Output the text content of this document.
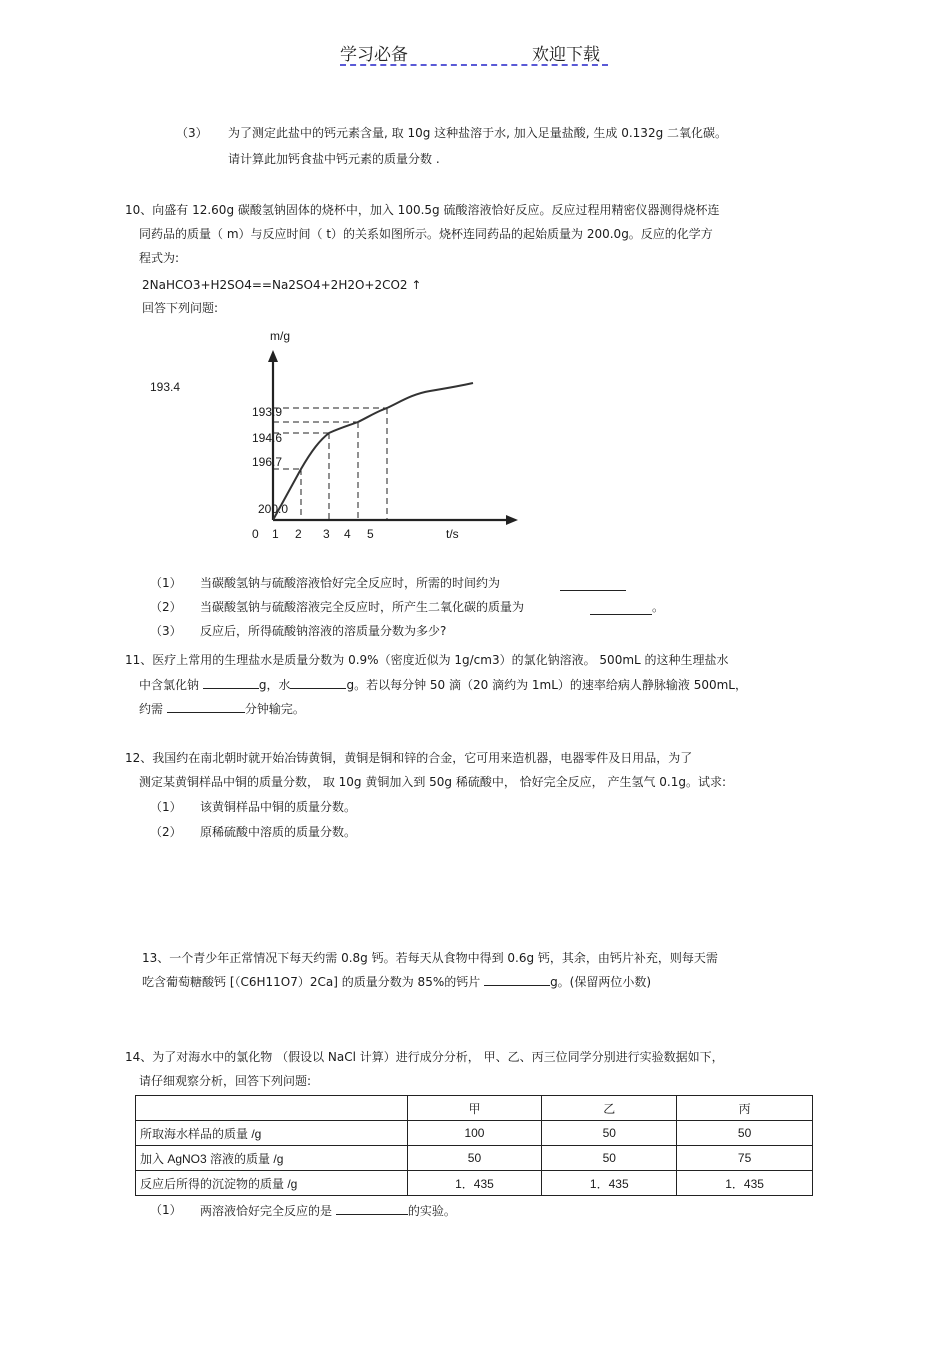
学习必备	欢迎下载
（3） 为了测定此盐中的钙元素含量, 取 10g 这种盐溶于水, 加入足量盐酸, 生成 0.132g 二氧化碳。
请计算此加钙食盐中钙元素的质量分数 .
10、向盛有 12.60g 碳酸氢钠固体的烧杯中，加入 100.5g 硫酸溶液恰好反应。反应过程用精密仪器测得烧杯连
同药品的质量（ m）与反应时间（ t）的关系如图所示。烧杯连同药品的起始质量为 200.0g。反应的化学方
程式为:
2NaHCO3+H2SO4==Na2SO4+2H2O+2CO2 ↑
回答下列问题:
m/g
t/s
0 1 2 3 4 5
200.0
196.7
194.6
193.9
193.4
（1） 当碳酸氢钠与硫酸溶液恰好完全反应时，所需的时间约为
（2） 当碳酸氢钠与硫酸溶液完全反应时，所产生二氧化碳的质量为	。
（3） 反应后，所得硫酸钠溶液的溶质量分数为多少?
11、医疗上常用的生理盐水是质量分数为 0.9%（密度近似为 1g/cm3）的氯化钠溶液。 500mL 的这种生理盐水
中含氯化钠	g，水	g。若以每分钟 50 滴（20 滴约为 1mL）的速率给病人静脉输液 500mL，
约需	分钟输完。
12、我国约在南北朝时就开始冶铸黄铜，黄铜是铜和锌的合金，它可用来造机器，电器零件及日用品，为了
测定某黄铜样品中铜的质量分数， 取 10g 黄铜加入到 50g 稀硫酸中， 恰好完全反应， 产生氢气 0.1g。试求:
（1） 该黄铜样品中铜的质量分数。
（2） 原稀硫酸中溶质的质量分数。
13、一个青少年正常情况下每天约需 0.8g 钙。若每天从食物中得到 0.6g 钙，其余，由钙片补充，则每天需
吃含葡萄糖酸钙 [（C6H11O7）2Ca] 的质量分数为 85%的钙片	g。(保留两位小数)
14、为了对海水中的氯化物 （假设以 NaCl 计算）进行成分分析， 甲、乙、丙三位同学分别进行实验数据如下，
请仔细观察分析，回答下列问题:
	甲	乙	丙
所取海水样品的质量 /g	100	50	50
加入 AgNO3 溶液的质量 /g	50	50	75
反应后所得的沉淀物的质量 /g	1．435	1．435	1．435
（1） 两溶液恰好完全反应的是	的实验。
